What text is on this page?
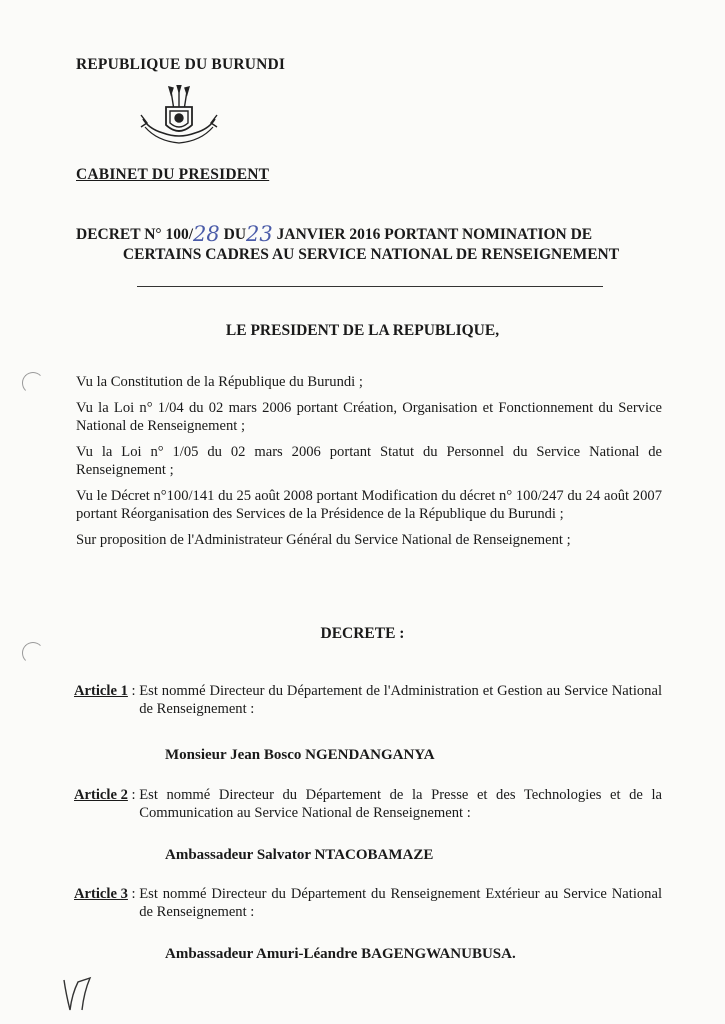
REPUBLIQUE DU BURUNDI
CABINET DU PRESIDENT
DECRET N° 100/28 DU23 JANVIER 2016 PORTANT NOMINATION DE
CERTAINS CADRES AU SERVICE NATIONAL DE RENSEIGNEMENT
LE PRESIDENT DE LA REPUBLIQUE,

Vu la Constitution de la République du Burundi ;

Vu la Loi n° 1/04 du 02 mars 2006 portant Création, Organisation et Fonctionnement du Service National de Renseignement ;

Vu la Loi n° 1/05 du 02 mars 2006 portant Statut du Personnel du Service National de Renseignement ;

Vu le Décret n°100/141 du 25 août 2008 portant Modification du décret n° 100/247 du 24 août 2007 portant Réorganisation des Services de la Présidence de la République du Burundi ;

Sur proposition de l'Administrateur Général du Service National de Renseignement ;

DECRETE :
Article 1 : Est nommé Directeur du Département de l'Administration et Gestion au Service National de Renseignement :
Monsieur Jean Bosco NGENDANGANYA
Article 2 : Est nommé Directeur du Département de la Presse et des Technologies et de la Communication au Service National de Renseignement :
Ambassadeur Salvator NTACOBAMAZE
Article 3 : Est nommé Directeur du Département du Renseignement Extérieur au Service National de Renseignement :
Ambassadeur Amuri-Léandre BAGENGWANUBUSA.
